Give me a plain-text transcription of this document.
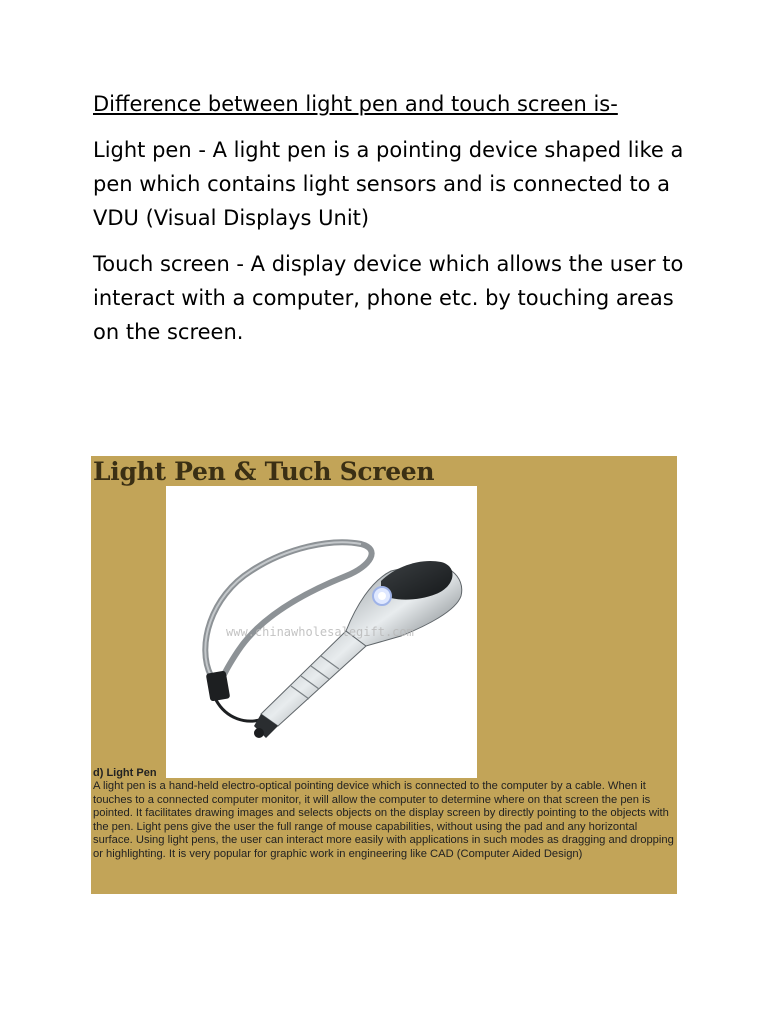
Difference between light pen and touch screen is-

Light pen - A light pen is a pointing device shaped like a pen which contains light sensors and is connected to a VDU (Visual Displays Unit)

Touch screen - A display device which allows the user to interact with a computer, phone etc. by touching areas on the screen.

Light Pen & Tuch Screen
www.chinawholesalegift.com
d) Light Pen

A light pen is a hand-held electro-optical pointing device which is connected to the computer by a cable. When it touches to a connected computer monitor, it will allow the computer to determine where on that screen the pen is pointed. It facilitates drawing images and selects objects on the display screen by directly pointing to the objects with the pen. Light pens give the user the full range of mouse capabilities, without using the pad and any horizontal surface. Using light pens, the user can interact more easily with applications in such modes as dragging and dropping or highlighting. It is very popular for graphic work in engineering like CAD (Computer Aided Design)
